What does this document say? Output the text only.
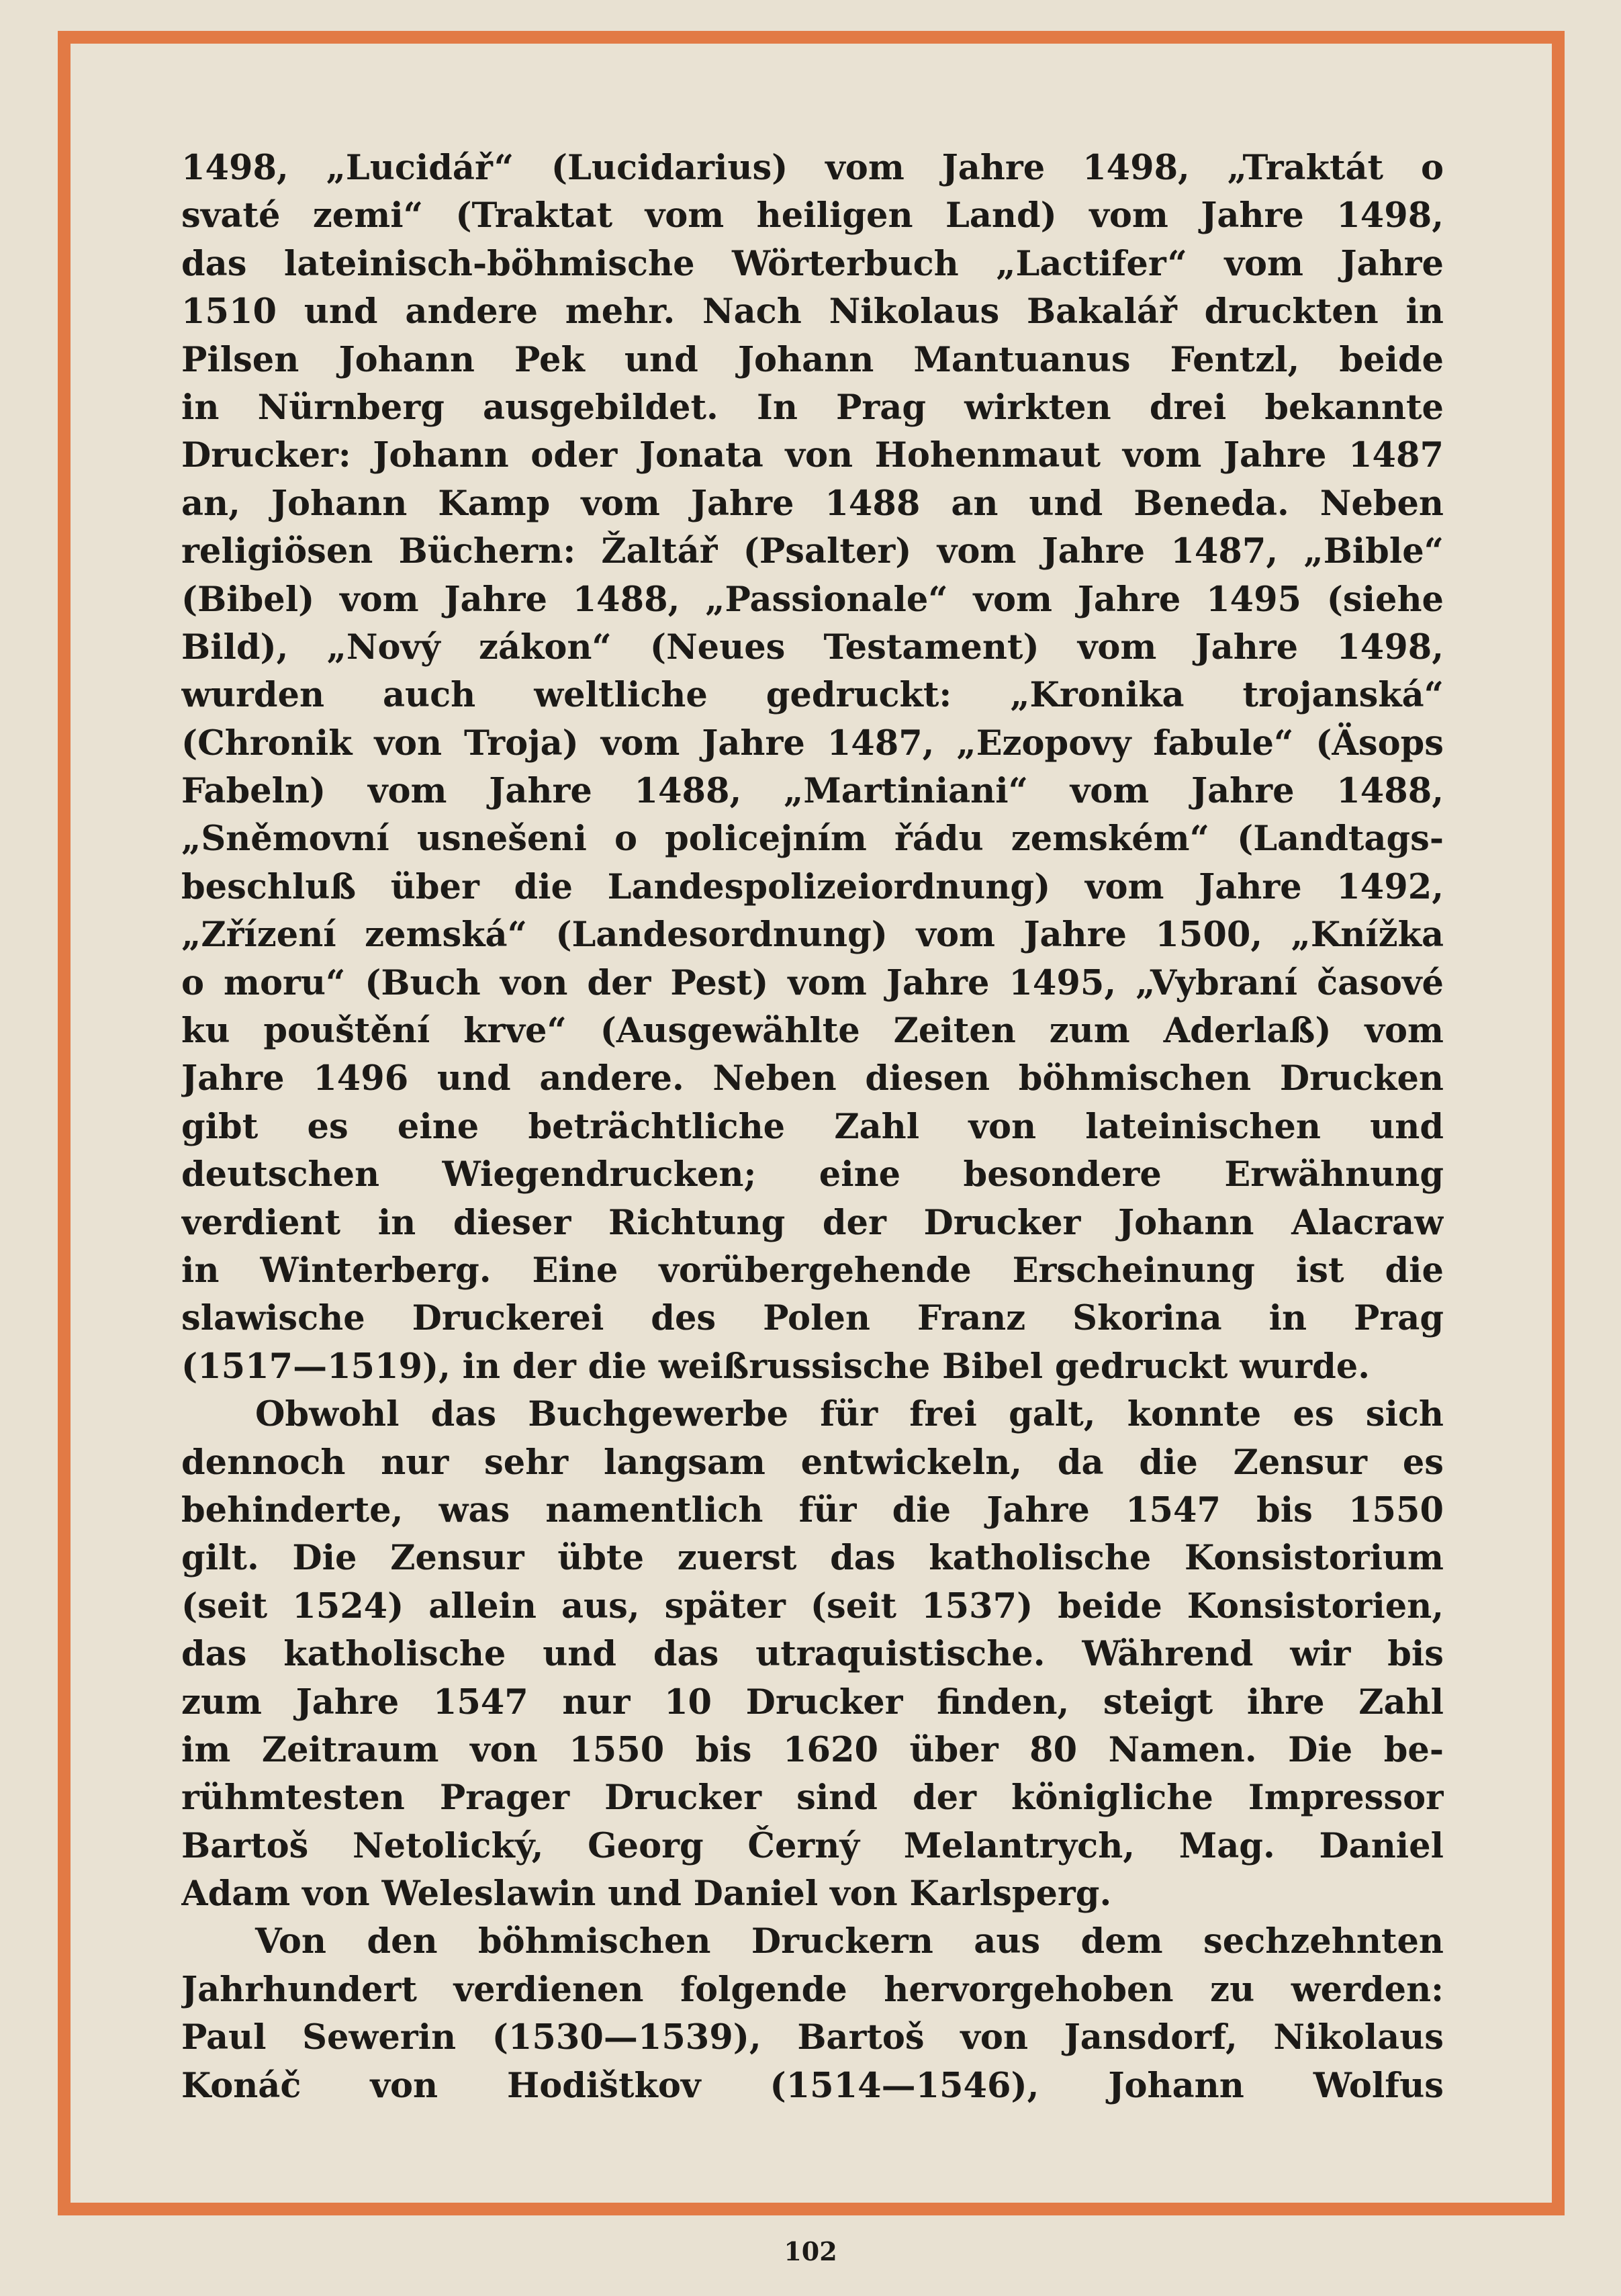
1498, „Lucidář“ (Lucidarius) vom Jahre 1498, „Traktát o
svaté zemi“ (Traktat vom heiligen Land) vom Jahre 1498,
das lateinisch-böhmische Wörterbuch „Lactifer“ vom Jahre
1510 und andere mehr. Nach Nikolaus Bakalář druckten in
Pilsen Johann Pek und Johann Mantuanus Fentzl, beide
in Nürnberg ausgebildet. In Prag wirkten drei bekannte
Drucker: Johann oder Jonata von Hohenmaut vom Jahre 1487
an, Johann Kamp vom Jahre 1488 an und Beneda. Neben
religiösen Büchern: Žaltář (Psalter) vom Jahre 1487, „Bible“
(Bibel) vom Jahre 1488, „Passionale“ vom Jahre 1495 (siehe
Bild), „Nový zákon“ (Neues Testament) vom Jahre 1498,
wurden auch weltliche gedruckt: „Kronika trojanská“
(Chronik von Troja) vom Jahre 1487, „Ezopovy fabule“ (Äsops
Fabeln) vom Jahre 1488, „Martiniani“ vom Jahre 1488,
„Sněmovní usnešeni o policejním řádu zemském“ (Landtags-
beschluß über die Landespolizeiordnung) vom Jahre 1492,
„Zřízení zemská“ (Landesordnung) vom Jahre 1500, „Knížka
o moru“ (Buch von der Pest) vom Jahre 1495, „Vybraní časové
ku pouštění krve“ (Ausgewählte Zeiten zum Aderlaß) vom
Jahre 1496 und andere. Neben diesen böhmischen Drucken
gibt es eine beträchtliche Zahl von lateinischen und
deutschen Wiegendrucken; eine besondere Erwähnung
verdient in dieser Richtung der Drucker Johann Alacraw
in Winterberg. Eine vorübergehende Erscheinung ist die
slawische Druckerei des Polen Franz Skorina in Prag
(1517—1519), in der die weißrussische Bibel gedruckt wurde.
Obwohl das Buchgewerbe für frei galt, konnte es sich
dennoch nur sehr langsam entwickeln, da die Zensur es
behinderte, was namentlich für die Jahre 1547 bis 1550
gilt. Die Zensur übte zuerst das katholische Konsistorium
(seit 1524) allein aus, später (seit 1537) beide Konsistorien,
das katholische und das utraquistische. Während wir bis
zum Jahre 1547 nur 10 Drucker finden, steigt ihre Zahl
im Zeitraum von 1550 bis 1620 über 80 Namen. Die be-
rühmtesten Prager Drucker sind der königliche Impressor
Bartoš Netolický, Georg Černý Melantrych, Mag. Daniel
Adam von Weleslawin und Daniel von Karlsperg.
Von den böhmischen Druckern aus dem sechzehnten
Jahrhundert verdienen folgende hervorgehoben zu werden:
Paul Sewerin (1530—1539), Bartoš von Jansdorf, Nikolaus
Konáč von Hodištkov (1514—1546), Johann Wolfus
102
